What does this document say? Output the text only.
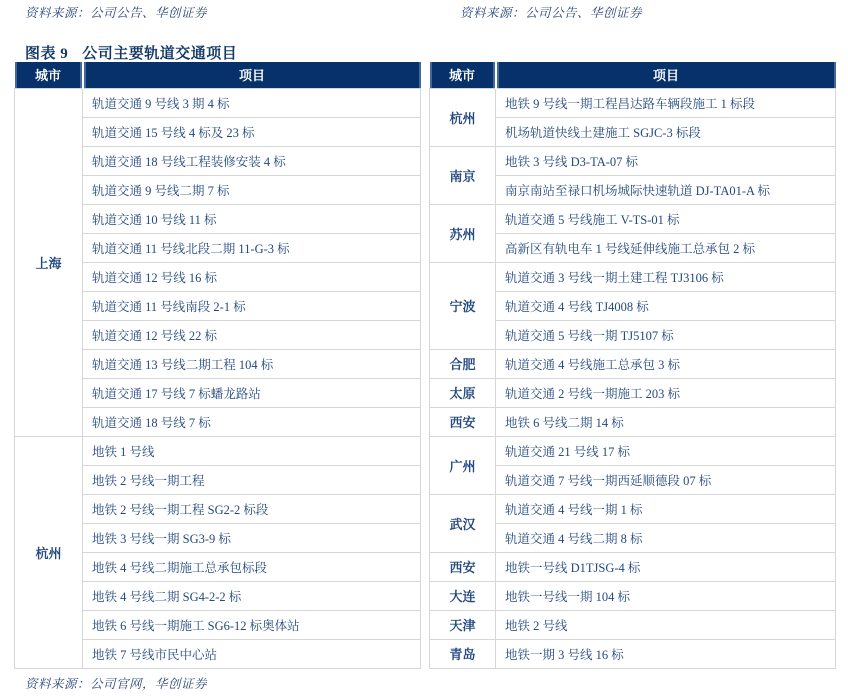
资料来源：公司公告、华创证券	资料来源：公司公告、华创证券
图表 9 公司主要轨道交通项目
城市	项目
上海	轨道交通 9 号线 3 期 4 标
	轨道交通 15 号线 4 标及 23 标
	轨道交通 18 号线工程装修安装 4 标
	轨道交通 9 号线二期 7 标
	轨道交通 10 号线 11 标
	轨道交通 11 号线北段二期 11-G-3 标
	轨道交通 12 号线 16 标
	轨道交通 11 号线南段 2-1 标
	轨道交通 12 号线 22 标
	轨道交通 13 号线二期工程 104 标
	轨道交通 17 号线 7 标蟠龙路站
	轨道交通 18 号线 7 标
杭州	地铁 1 号线
	地铁 2 号线一期工程
	地铁 2 号线一期工程 SG2-2 标段
	地铁 3 号线一期 SG3-9 标
	地铁 4 号线二期施工总承包标段
	地铁 4 号线二期 SG4-2-2 标
	地铁 6 号线一期施工 SG6-12 标奥体站
	地铁 7 号线市民中心站
城市	项目
杭州	地铁 9 号线一期工程昌达路车辆段施工 1 标段
	机场轨道快线土建施工 SGJC-3 标段
南京	地铁 3 号线 D3-TA-07 标
	南京南站至禄口机场城际快速轨道 DJ-TA01-A 标
苏州	轨道交通 5 号线施工 V-TS-01 标
	高新区有轨电车 1 号线延伸线施工总承包 2 标
宁波	轨道交通 3 号线一期土建工程 TJ3106 标
	轨道交通 4 号线 TJ4008 标
	轨道交通 5 号线一期 TJ5107 标
合肥	轨道交通 4 号线施工总承包 3 标
太原	轨道交通 2 号线一期施工 203 标
西安	地铁 6 号线二期 14 标
广州	轨道交通 21 号线 17 标
	轨道交通 7 号线一期西延顺德段 07 标
武汉	轨道交通 4 号线一期 1 标
	轨道交通 4 号线二期 8 标
西安	地铁一号线 D1TJSG-4 标
大连	地铁一号线一期 104 标
天津	地铁 2 号线
青岛	地铁一期 3 号线 16 标
资料来源：公司官网，华创证券
